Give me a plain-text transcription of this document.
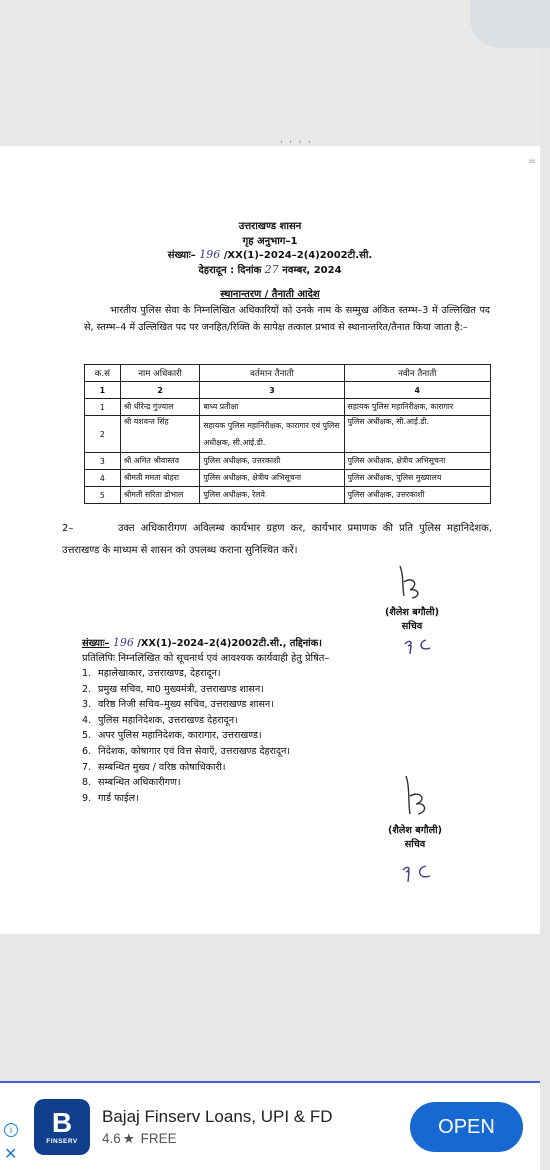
' ' ' '
=
उत्तराखण्ड शासन
गृह अनुभाग–1
संख्याः– 196 /XX(1)–2024–2(4)2002टी.सी.
देहरादून : दिनांक 27 नवम्बर, 2024
स्थानान्तरण / तैनाती आदेश
भारतीय पुलिस सेवा के निम्नलिखित अधिकारियों को उनके नाम के सम्मुख अंकित स्तम्भ–3 में उल्लिखित पद से, स्तम्भ–4 में उल्लिखित पद पर जनहित/रिक्ति के सापेक्ष तत्काल प्रभाव से स्थानान्तरित/तैनात किया जाता है:–
क.सं	नाम अधिकारी	वर्तमान तैनाती	नवीन तैनाती
1	2	3	4
1	श्री धीरेन्द्र गुंज्याल	बाध्य प्रतीक्षा	सहायक पुलिस महानिरीक्षक, कारागार
2	श्री यशवन्त सिंह	सहायक पुलिस महानिरीक्षक, कारागार एवं पुलिस अधीक्षक, सी.आई.डी.	पुलिस अधीक्षक, सी.आई.डी.
3	श्री अमित श्रीवास्तव	पुलिस अधीक्षक, उत्तरकाशी	पुलिस अधीक्षक, क्षेत्रीय अभिसूचना
4	श्रीमती ममता बोहरा	पुलिस अधीक्षक, क्षेत्रीय अभिसूचना	पुलिस अधीक्षक, पुलिस मुख्यालय
5	श्रीमती सरिता डोभाल	पुलिस अधीक्षक, रेलवे	पुलिस अधीक्षक, उत्तरकाशी
2–	उक्त अधिकारीगण अविलम्ब कार्यभार ग्रहण कर, कार्यभार प्रमाणक की प्रति पुलिस महानिदेशक, उत्तराखण्ड के माध्यम से शासन को उपलब्ध कराना सुनिश्चित करें।
(शैलेश बगौली)
सचिव
संख्याः– 196 /XX(1)–2024–2(4)2002टी.सी., तद्दिनांक।
प्रतिलिपिः निम्नलिखित को सूचनार्थ एवं आवश्यक कार्यवाही हेतु प्रेषित–
1. महालेखाकार, उत्तराखण्ड, देहरादून।
2. प्रमुख सचिव, मा0 मुख्यमंत्री, उत्तराखण्ड शासन।
3. वरिष्ठ निजी सचिव–मुख्य सचिव, उत्तराखण्ड शासन।
4. पुलिस महानिदेशक, उत्तराखण्ड देहरादून।
5. अपर पुलिस महानिदेशक, कारागार, उत्तराखण्ड।
6. निदेशक, कोषागार एवं वित्त सेवाएँ, उत्तराखण्ड देहरादून।
7. सम्बन्धित मुख्य / वरिष्ठ कोषाधिकारी।
8. सम्बन्धित अधिकारीगण।
9. गार्ड फाईल।
(शैलेश बगौली)
सचिव
i
✕
B
FINSERV
Bajaj Finserv Loans, UPI & FD
4.6 ★ FREE
OPEN
